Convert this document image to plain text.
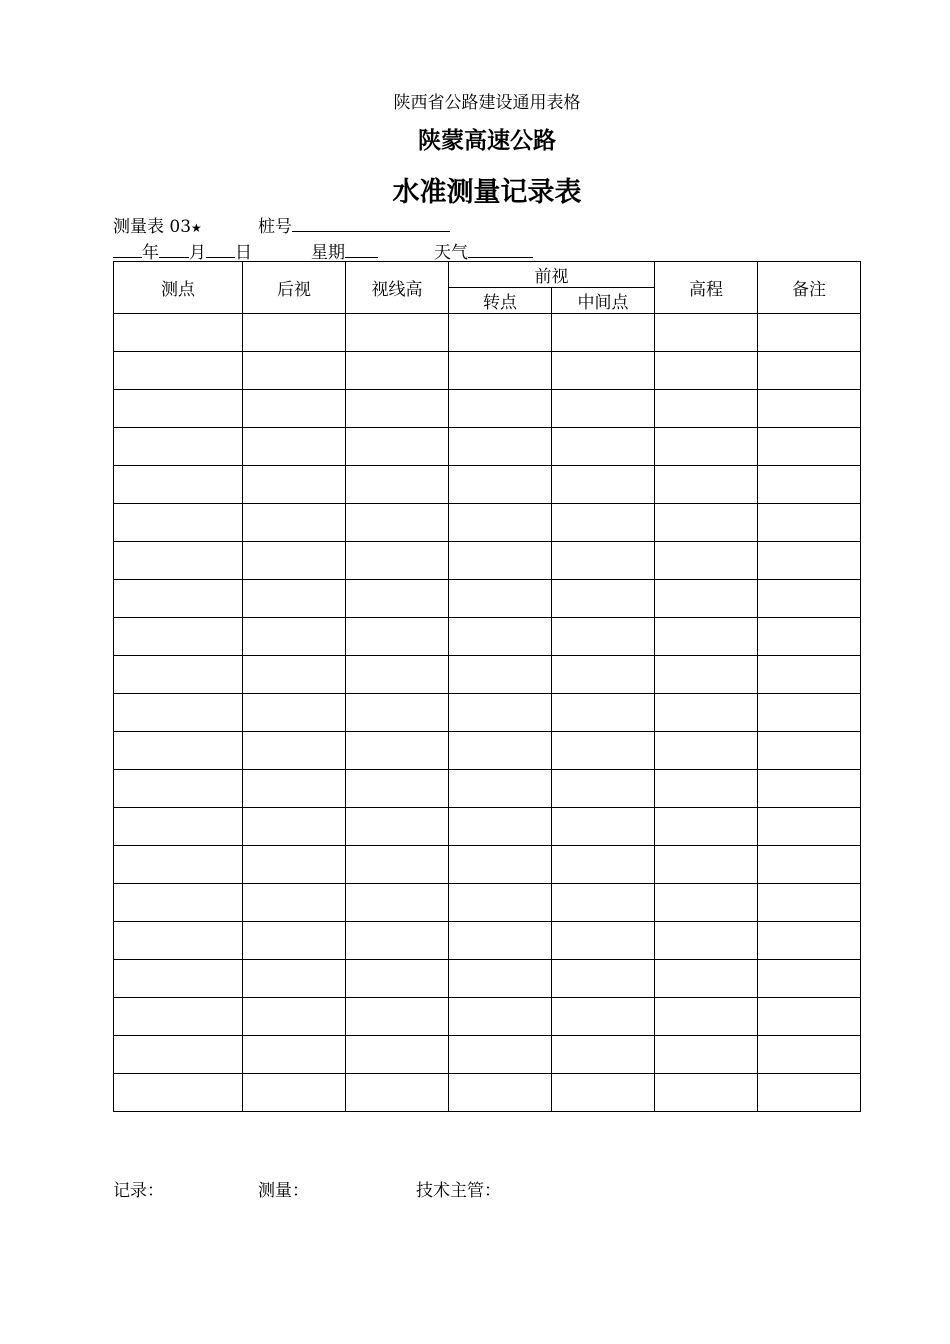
陕西省公路建设通用表格
陕蒙高速公路
水准测量记录表
测量表 03★	桩号
年 月 日	星期	天气
测点	后视	视线高	前视		高程	备注
			转点	中间点		

记录：	测量：	技术主管：
